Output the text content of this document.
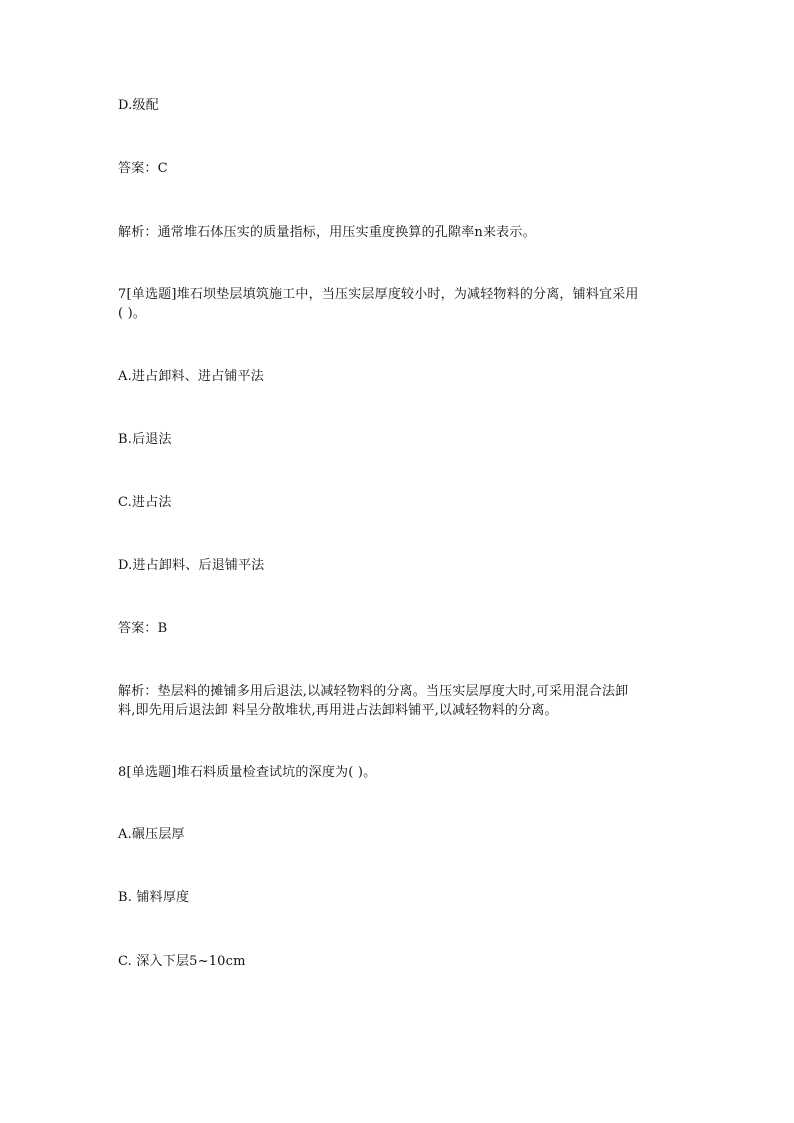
D.级配
答案：C
解析：通常堆石体压实的质量指标，用压实重度换算的孔隙率n来表示。
7[单选题]堆石坝垫层填筑施工中，当压实层厚度较小时，为减轻物料的分离，铺料宜采用
( )。
A.进占卸料、进占铺平法
B.后退法
C.进占法
D.进占卸料、后退铺平法
答案：B
解析：垫层料的摊铺多用后退法,以减轻物料的分离。当压实层厚度大时,可采用混合法卸
料,即先用后退法卸 料呈分散堆状,再用进占法卸料铺平,以减轻物料的分离。
8[单选题]堆石料质量检查试坑的深度为( )。
A.碾压层厚
B. 铺料厚度
C. 深入下层5~10cm
